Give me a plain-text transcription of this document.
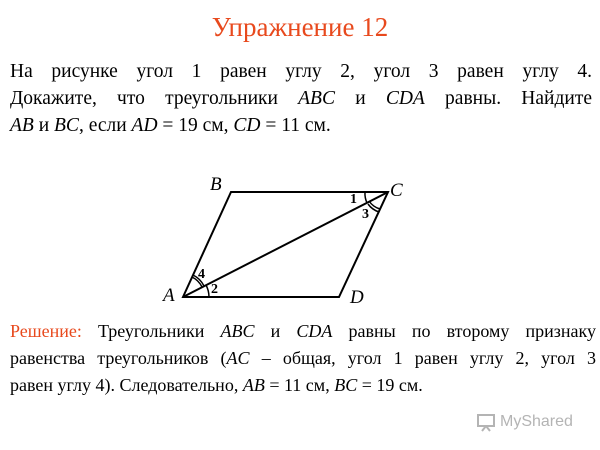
Упражнение 12
На рисунке угол 1 равен углу 2, угол 3 равен углу 4.
Докажите, что треугольники ABC и CDA равны. Найдите
AB и BC, если AD = 19 см, CD = 11 см.
A
B	C
D
1
2
3
4
Решение: Треугольники ABC и CDA равны по второму признаку
равенства треугольников (AC – общая, угол 1 равен углу 2, угол 3
равен углу 4). Следовательно, AB = 11 см, BC = 19 см.
MyShared
